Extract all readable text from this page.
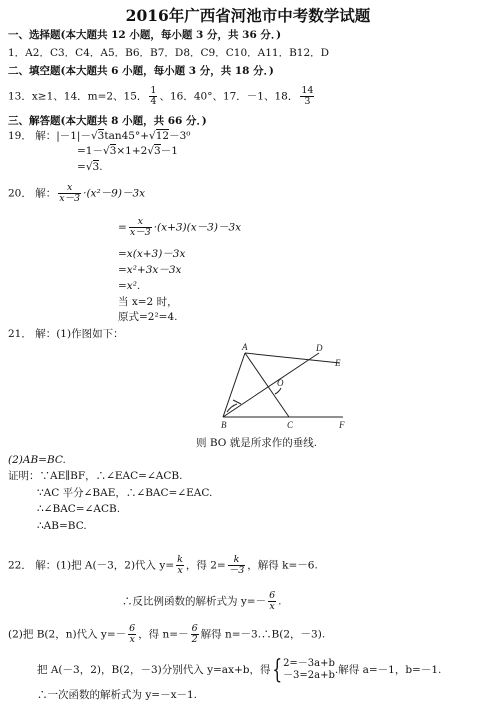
2016年广西省河池市中考数学试题
一、选择题(本大题共 12 小题，每小题 3 分，共 36 分．)
1．A2．C3．C4．A5．B6．B7．D8．C9．C10．A11．B12．D
二、填空题(本大题共 6 小题，每小题 3 分，共 18 分．)
13．x≥1、14．m=2、15． $\frac{1}{4}$ 、16．40°、17．－1、18． $\frac{14}{3}$
三、解答题(本大题共 8 小题，共 66 分．)
19． 解：|－1|－√3tan45°+√12－3⁰
=1－√3×1+2√3－1
=√3.
20． 解： $\frac{x}{x-3} \cdot(x^2-9)-3x$
= $\frac{x}{x-3} \cdot(x+3)(x-3)-3x$
=x(x+3)－3x
=x²+3x－3x
=x².
当 x=2 时，
原式=2²=4.
21． 解：(1)作图如下：
A	D
E
O
B	C	F
则 BO 就是所求作的垂线.
(2)AB=BC.
证明：∵AE∥BF，∴∠EAC=∠ACB.
∵AC 平分∠BAE，∴∠BAC=∠EAC.
∴∠BAC=∠ACB.
∴AB=BC.
22． 解：(1)把 A(－3，2)代入 $y= \frac{k}{x}$ ，得 $2= \frac{k}{-3}$ ，解得 k=－6.
∴反比例函数的解析式为 $y=- \frac{6}{x}$ .
(2)把 B(2，n)代入 $y=- \frac{6}{x}$ ，得 $n=- \frac{6}{2}$ 解得 n=－3.∴B(2，－3).
把 A(－3，2)，B(2，－3)分别代入 y=ax+b，得{ 2=－3a+b
－3=2a+b .解得 a=－1，b=－1.
∴一次函数的解析式为 y=－x－1.
